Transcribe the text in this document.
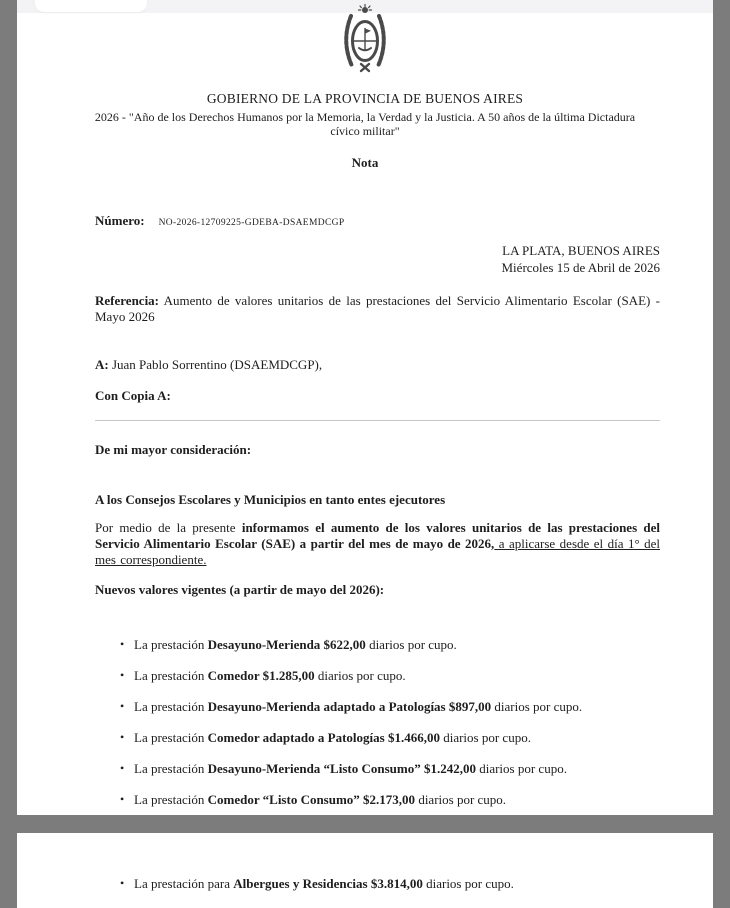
GOBIERNO DE LA PROVINCIA DE BUENOS AIRES
2026 - "Año de los Derechos Humanos por la Memoria, la Verdad y la Justicia. A 50 años de la última Dictadura cívico militar"
Nota
Número: NO-2026-12709225-GDEBA-DSAEMDCGP
LA PLATA, BUENOS AIRES
Miércoles 15 de Abril de 2026
Referencia: Aumento de valores unitarios de las prestaciones del Servicio Alimentario Escolar (SAE) - Mayo 2026
A: Juan Pablo Sorrentino (DSAEMDCGP),
Con Copia A:
De mi mayor consideración:
A los Consejos Escolares y Municipios en tanto entes ejecutores
Por medio de la presente informamos el aumento de los valores unitarios de las prestaciones del Servicio Alimentario Escolar (SAE) a partir del mes de mayo de 2026, a aplicarse desde el día 1° del mes correspondiente.
Nuevos valores vigentes (a partir de mayo del 2026):
• La prestación Desayuno-Merienda $622,00 diarios por cupo.
• La prestación Comedor $1.285,00 diarios por cupo.
• La prestación Desayuno-Merienda adaptado a Patologías $897,00 diarios por cupo.
• La prestación Comedor adaptado a Patologías $1.466,00 diarios por cupo.
• La prestación Desayuno-Merienda “Listo Consumo” $1.242,00 diarios por cupo.
• La prestación Comedor “Listo Consumo” $2.173,00 diarios por cupo.
• La prestación para Albergues y Residencias $3.814,00 diarios por cupo.
